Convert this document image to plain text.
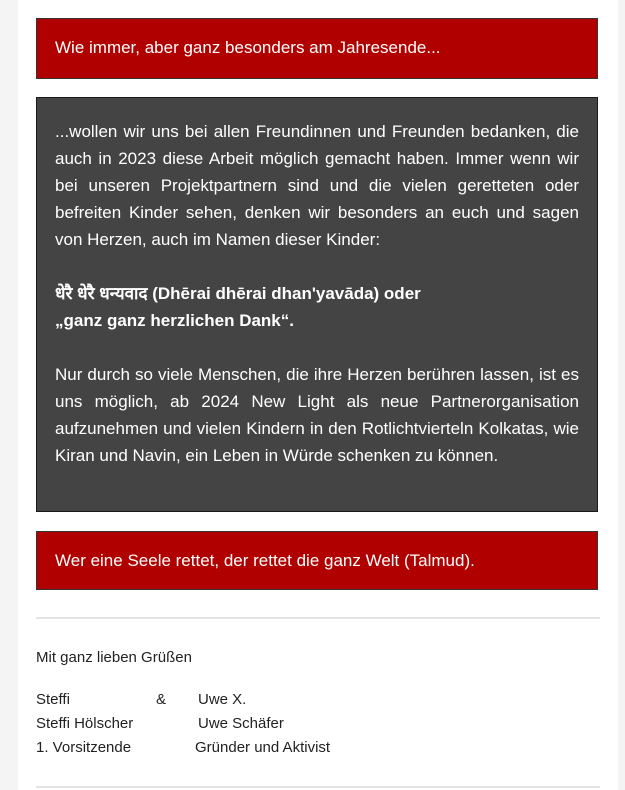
Wie immer, aber ganz besonders am Jahresende...

...wollen wir uns bei allen Freundinnen und Freunden bedanken, die auch in 2023 diese Arbeit möglich gemacht haben. Immer wenn wir bei unseren Projektpartnern sind und die vielen geretteten oder befreiten Kinder sehen, denken wir besonders an euch und sagen von Herzen, auch im Namen dieser Kinder:

धेरै धेरै धन्यवाद (Dhērai dhērai dhan'yavāda) oder
„ganz ganz herzlichen Dank“.

Nur durch so viele Menschen, die ihre Herzen berühren lassen, ist es uns möglich, ab 2024 New Light als neue Partnerorganisation aufzunehmen und vielen Kindern in den Rotlichtvierteln Kolkatas, wie Kiran und Navin, ein Leben in Würde schenken zu können.

Wer eine Seele rettet, der rettet die ganz Welt (Talmud).
Mit ganz lieben Grüßen
Steffi	& Uwe X.
Steffi Hölscher	Uwe Schäfer
1. Vorsitzende	Gründer und Aktivist
